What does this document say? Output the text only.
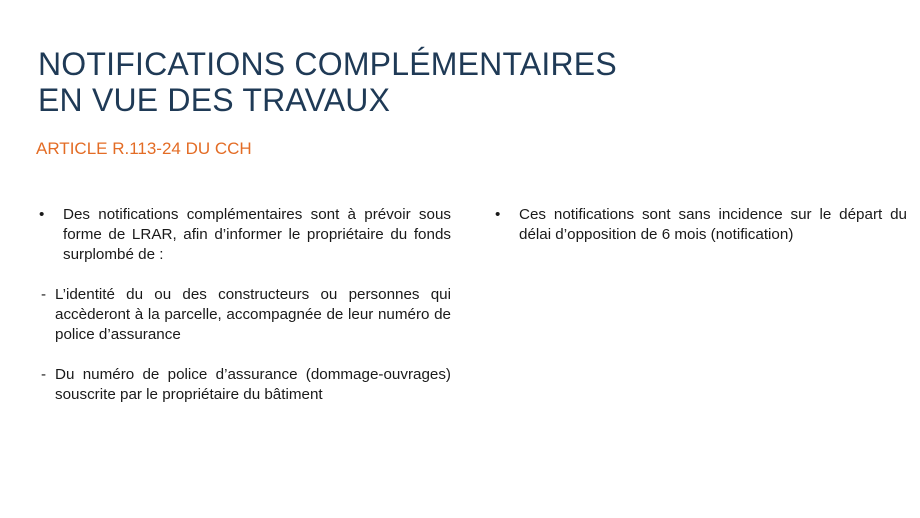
NOTIFICATIONS COMPLÉMENTAIRES
EN VUE DES TRAVAUX

ARTICLE R.113-24 DU CCH

•	Des notifications complémentaires sont à prévoir sous forme de LRAR, afin d’informer le propriétaire du fonds surplombé de :

- L’identité du ou des constructeurs ou personnes qui accèderont à la parcelle, accompagnée de leur numéro de police d’assurance

- Du numéro de police d’assurance (dommage-ouvrages) souscrite par le propriétaire du bâtiment

•	Ces notifications sont sans incidence sur le départ du délai d’opposition de 6 mois (notification)
